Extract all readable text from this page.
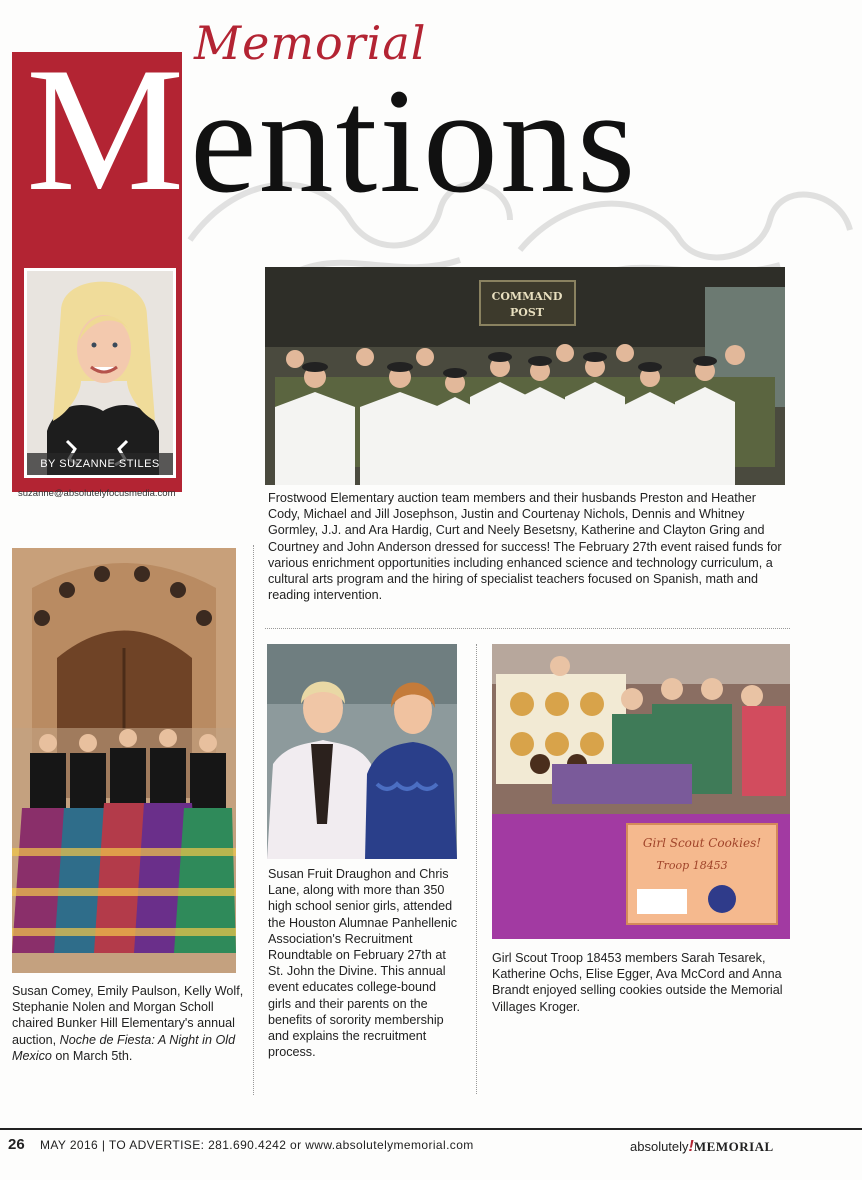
Memorial
M entions
BY SUZANNE STILES
suzanne@absolutelyfocusmedia.com
COMMAND
POST
Frostwood Elementary auction team members and their husbands Preston and Heather Cody, Michael and Jill Josephson, Justin and Courtenay Nichols, Dennis and Whitney Gormley, J.J. and Ara Hardig, Curt and Neely Besetsny, Katherine and Clayton Gring and Courtney and John Anderson dressed for success! The February 27th event raised funds for various enrichment opportunities including enhanced science and technology curriculum, a cultural arts program and the hiring of specialist teachers focused on Spanish, math and reading intervention.
Susan Comey, Emily Paulson, Kelly Wolf, Stephanie Nolen and Morgan Scholl chaired Bunker Hill Elementary's annual auction, Noche de Fiesta: A Night in Old Mexico on March 5th.
Susan Fruit Draughon and Chris Lane, along with more than 350 high school senior girls, attended the Houston Alumnae Panhellenic Association's Recruitment Roundtable on February 27th at St. John the Divine. This annual event educates college-bound girls and their parents on the benefits of sorority membership and explains the recruitment process.
Girl Scout Cookies!
Troop 18453
Girl Scout Troop 18453 members Sarah Tesarek, Katherine Ochs, Elise Egger, Ava McCord and Anna Brandt enjoyed selling cookies outside the Memorial Villages Kroger.
26 MAY 2016 | TO ADVERTISE: 281.690.4242 or www.absolutelymemorial.com	absolutely!MEMORIAL
